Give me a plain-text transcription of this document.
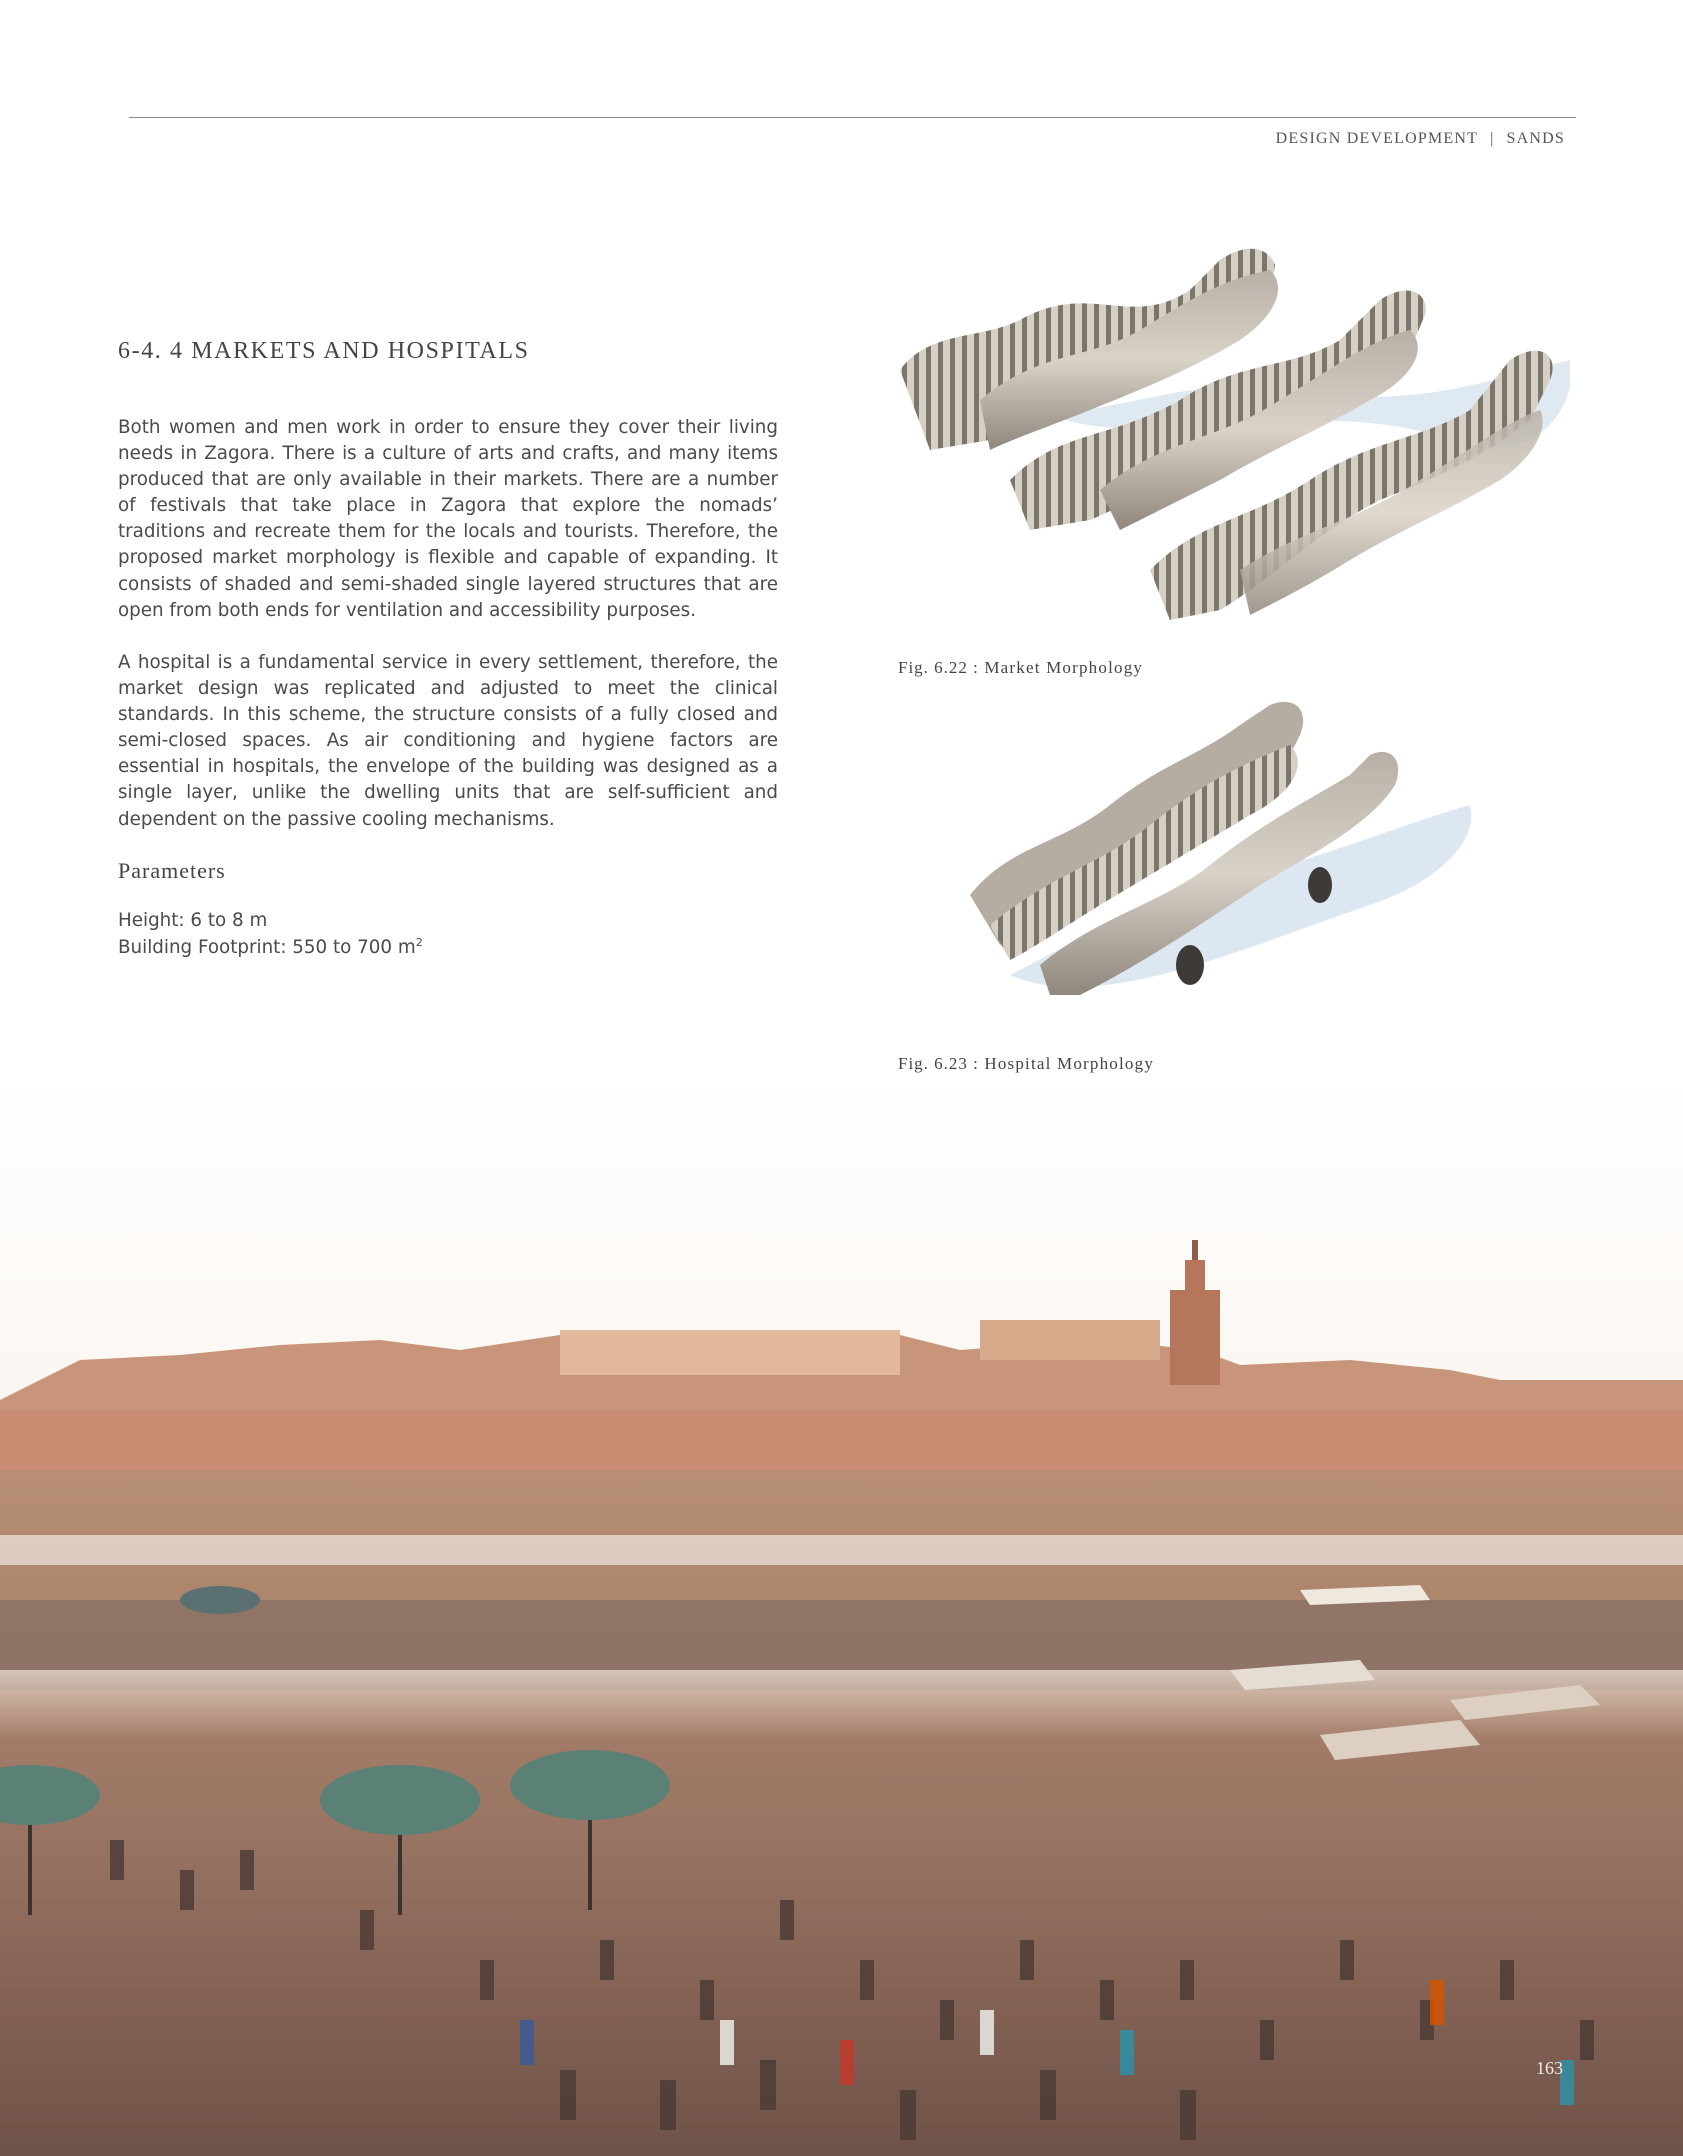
DESIGN DEVELOPMENT | SANDS
6-4. 4 MARKETS AND HOSPITALS
Both women and men work in order to ensure they cover their living needs in Zagora. There is a culture of arts and crafts, and many items produced that are only available in their markets. There are a number of festivals that take place in Zagora that explore the nomads’ traditions and recreate them for the locals and tourists. Therefore, the proposed market morphology is flexible and capable of expanding. It consists of shaded and semi-shaded single layered structures that are open from both ends for ventilation and accessibility purposes.
A hospital is a fundamental service in every settlement, therefore, the market design was replicated and adjusted to meet the clinical standards. In this scheme, the structure consists of a fully closed and semi-closed spaces. As air conditioning and hygiene factors are essential in hospitals, the envelope of the building was designed as a single layer, unlike the dwelling units that are self-sufficient and dependent on the passive cooling mechanisms.
Parameters
Height: 6 to 8 m
Building Footprint: 550 to 700 $m^2$
Fig. 6.22 : Market Morphology
Fig. 6.23 : Hospital Morphology
163
